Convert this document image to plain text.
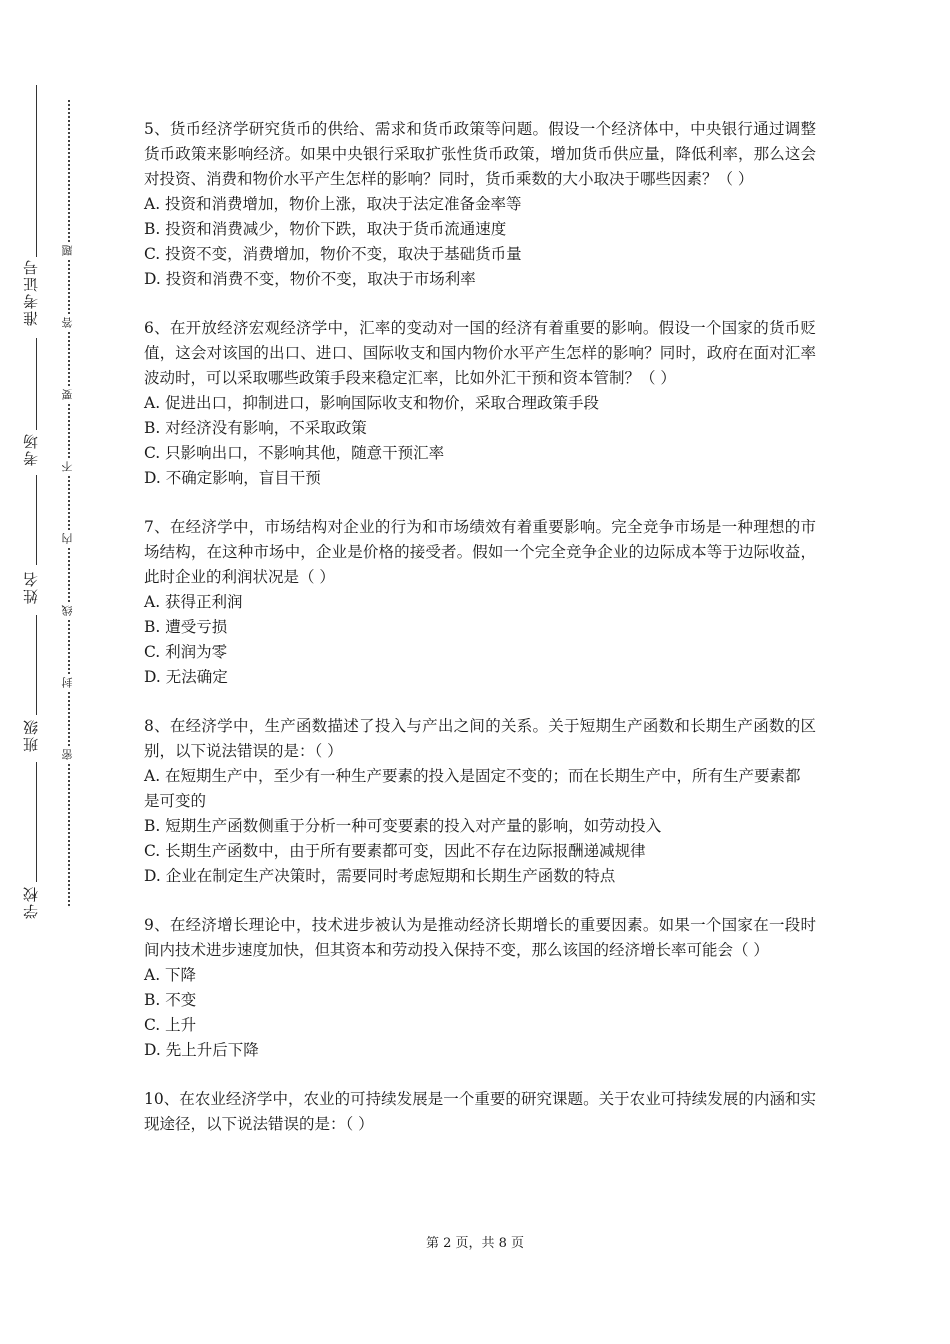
准考证号
考场
姓名
班级
学校
题
答
要
不
内
线
封
密
5、货币经济学研究货币的供给、需求和货币政策等问题。假设一个经济体中，中央银行通过调整货币政策来影响经济。如果中央银行采取扩张性货币政策，增加货币供应量，降低利率，那么这会对投资、消费和物价水平产生怎样的影响？同时，货币乘数的大小取决于哪些因素？（ ）
A. 投资和消费增加，物价上涨，取决于法定准备金率等
B. 投资和消费减少，物价下跌，取决于货币流通速度
C. 投资不变，消费增加，物价不变，取决于基础货币量
D. 投资和消费不变，物价不变，取决于市场利率
6、在开放经济宏观经济学中，汇率的变动对一国的经济有着重要的影响。假设一个国家的货币贬值，这会对该国的出口、进口、国际收支和国内物价水平产生怎样的影响？同时，政府在面对汇率波动时，可以采取哪些政策手段来稳定汇率，比如外汇干预和资本管制？（ ）
A. 促进出口，抑制进口，影响国际收支和物价，采取合理政策手段
B. 对经济没有影响，不采取政策
C. 只影响出口，不影响其他，随意干预汇率
D. 不确定影响，盲目干预
7、在经济学中，市场结构对企业的行为和市场绩效有着重要影响。完全竞争市场是一种理想的市场结构，在这种市场中，企业是价格的接受者。假如一个完全竞争企业的边际成本等于边际收益，此时企业的利润状况是（ ）
A. 获得正利润
B. 遭受亏损
C. 利润为零
D. 无法确定
8、在经济学中，生产函数描述了投入与产出之间的关系。关于短期生产函数和长期生产函数的区别，以下说法错误的是：（ ）
A. 在短期生产中，至少有一种生产要素的投入是固定不变的；而在长期生产中，所有生产要素都是可变的
B. 短期生产函数侧重于分析一种可变要素的投入对产量的影响，如劳动投入
C. 长期生产函数中，由于所有要素都可变，因此不存在边际报酬递减规律
D. 企业在制定生产决策时，需要同时考虑短期和长期生产函数的特点
9、在经济增长理论中，技术进步被认为是推动经济长期增长的重要因素。如果一个国家在一段时间内技术进步速度加快，但其资本和劳动投入保持不变，那么该国的经济增长率可能会（ ）
A. 下降
B. 不变
C. 上升
D. 先上升后下降
10、在农业经济学中，农业的可持续发展是一个重要的研究课题。关于农业可持续发展的内涵和实现途径，以下说法错误的是：（ ）
第 2 页，共 8 页
